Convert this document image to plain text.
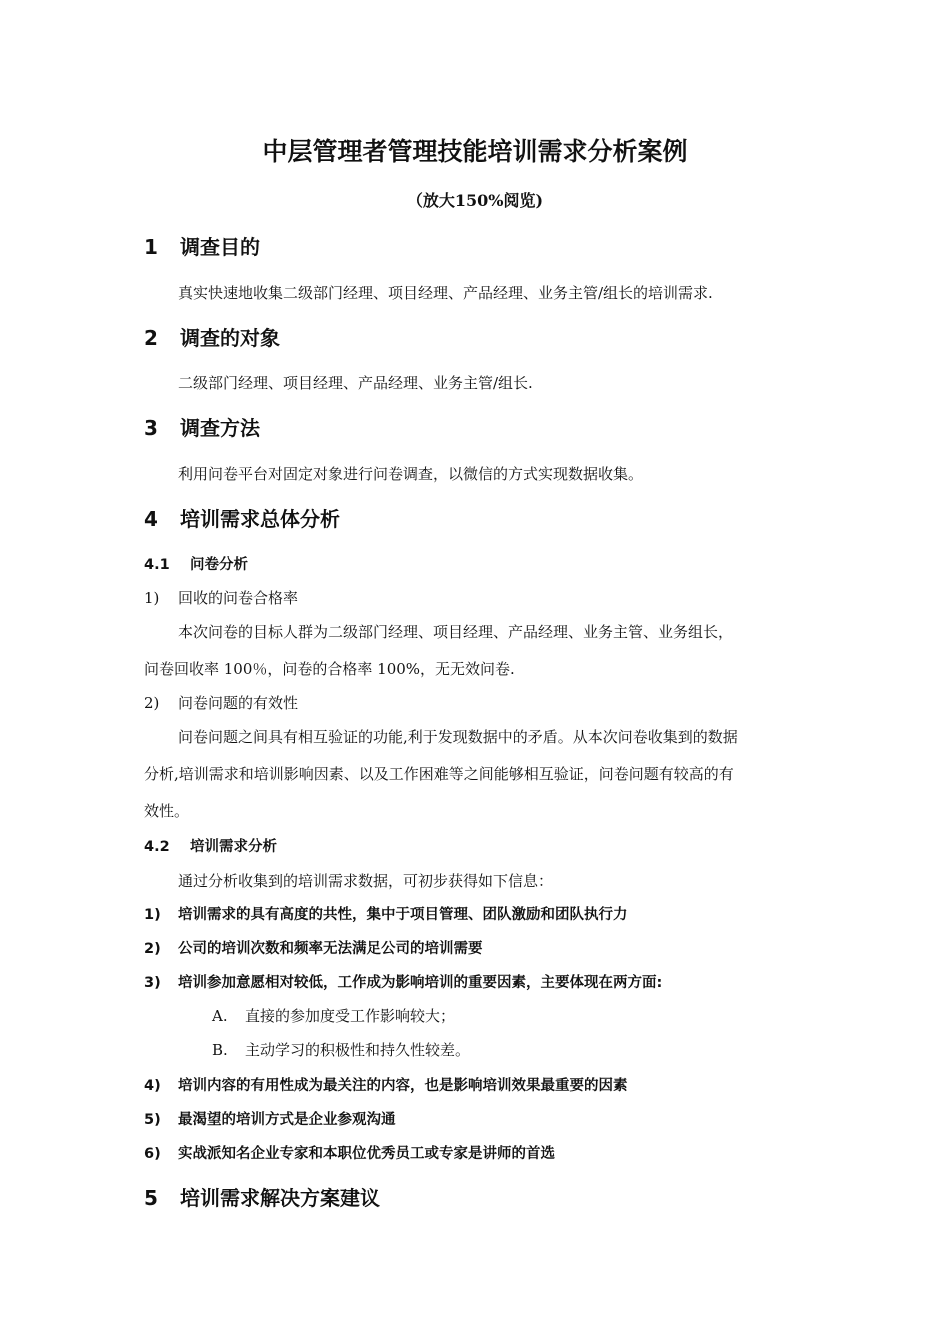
中层管理者管理技能培训需求分析案例
（放大150%阅览)
1 调查目的
真实快速地收集二级部门经理、项目经理、产品经理、业务主管/组长的培训需求.
2 调查的对象
二级部门经理、项目经理、产品经理、业务主管/组长.
3 调查方法
利用问卷平台对固定对象进行问卷调查，以微信的方式实现数据收集。
4 培训需求总体分析
4.1 问卷分析
1) 回收的问卷合格率
本次问卷的目标人群为二级部门经理、项目经理、产品经理、业务主管、业务组长，
问卷回收率 100％，问卷的合格率 100%，无无效问卷.
2) 问卷问题的有效性
问卷问题之间具有相互验证的功能,利于发现数据中的矛盾。从本次问卷收集到的数据
分析,培训需求和培训影响因素、以及工作困难等之间能够相互验证，问卷问题有较高的有
效性。
4.2 培训需求分析
通过分析收集到的培训需求数据，可初步获得如下信息：
1) 培训需求的具有高度的共性，集中于项目管理、团队激励和团队执行力
2) 公司的培训次数和频率无法满足公司的培训需要
3) 培训参加意愿相对较低，工作成为影响培训的重要因素，主要体现在两方面:
A. 直接的参加度受工作影响较大；
B. 主动学习的积极性和持久性较差。
4) 培训内容的有用性成为最关注的内容，也是影响培训效果最重要的因素
5) 最渴望的培训方式是企业参观沟通
6) 实战派知名企业专家和本职位优秀员工或专家是讲师的首选
5 培训需求解决方案建议
